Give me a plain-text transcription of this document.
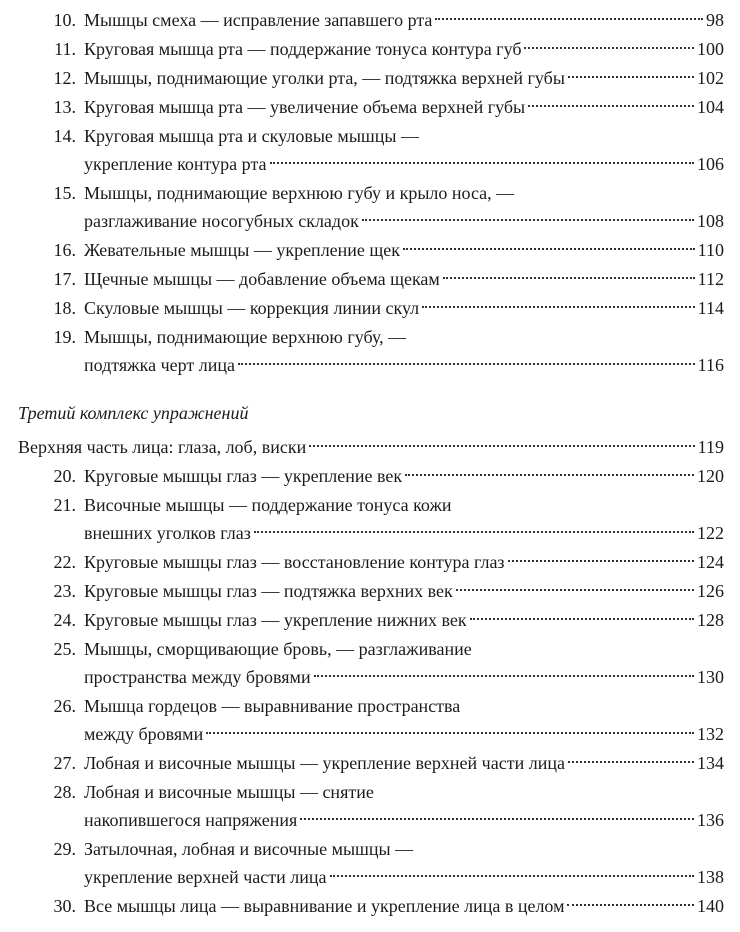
10. Мышцы смеха — исправление запавшего рта	98
11. Круговая мышца рта — поддержание тонуса контура губ	100
12. Мышцы, поднимающие уголки рта, — подтяжка верхней губы	102
13. Круговая мышца рта — увеличение объема верхней губы	104
14. Круговая мышца рта и скуловые мышцы —
укрепление контура рта	106
15. Мышцы, поднимающие верхнюю губу и крыло носа, —
разглаживание носогубных складок	108
16. Жевательные мышцы — укрепление щек	110
17. Щечные мышцы — добавление объема щекам	112
18. Скуловые мышцы — коррекция линии скул	114
19. Мышцы, поднимающие верхнюю губу, —
подтяжка черт лица	116
Третий комплекс упражнений
Верхняя часть лица: глаза, лоб, виски	119
20. Круговые мышцы глаз — укрепление век	120
21. Височные мышцы — поддержание тонуса кожи
внешних уголков глаз	122
22. Круговые мышцы глаз — восстановление контура глаз	124
23. Круговые мышцы глаз — подтяжка верхних век	126
24. Круговые мышцы глаз — укрепление нижних век	128
25. Мышцы, сморщивающие бровь, — разглаживание
пространства между бровями	130
26. Мышца гордецов — выравнивание пространства
между бровями	132
27. Лобная и височные мышцы — укрепление верхней части лица	134
28. Лобная и височные мышцы — снятие
накопившегося напряжения	136
29. Затылочная, лобная и височные мышцы —
укрепление верхней части лица	138
30. Все мышцы лица — выравнивание и укрепление лица в целом	140
